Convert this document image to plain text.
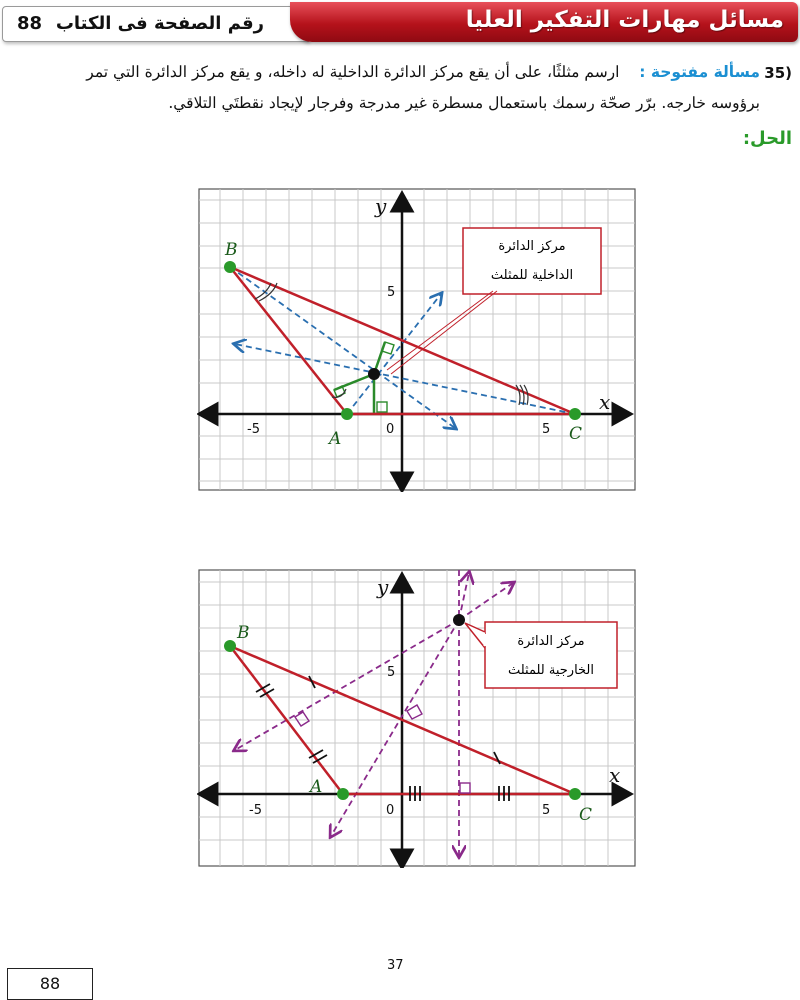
رقم الصفحة فى الكتاب
88	مسائل مهارات التفكير العليا
35)
مسألة مفتوحة :    ارسم مثلثًا، على أن يقع مركز الدائرة الداخلية له داخله، و يقع مركز الدائرة التي تمر
برؤوسه خارجه. برّر صحّة رسمك باستعمال مسطرة غير مدرجة وفرجار لإيجاد نقطتَي التلاقي.
الحل:
مركز الدائرة
الداخلية للمثلث
B
A	C
x
y
-5	0	5
5
مركز الدائرة
الخارجية للمثلث
B
A
C
x
y
-5	0	5
5
37
88
